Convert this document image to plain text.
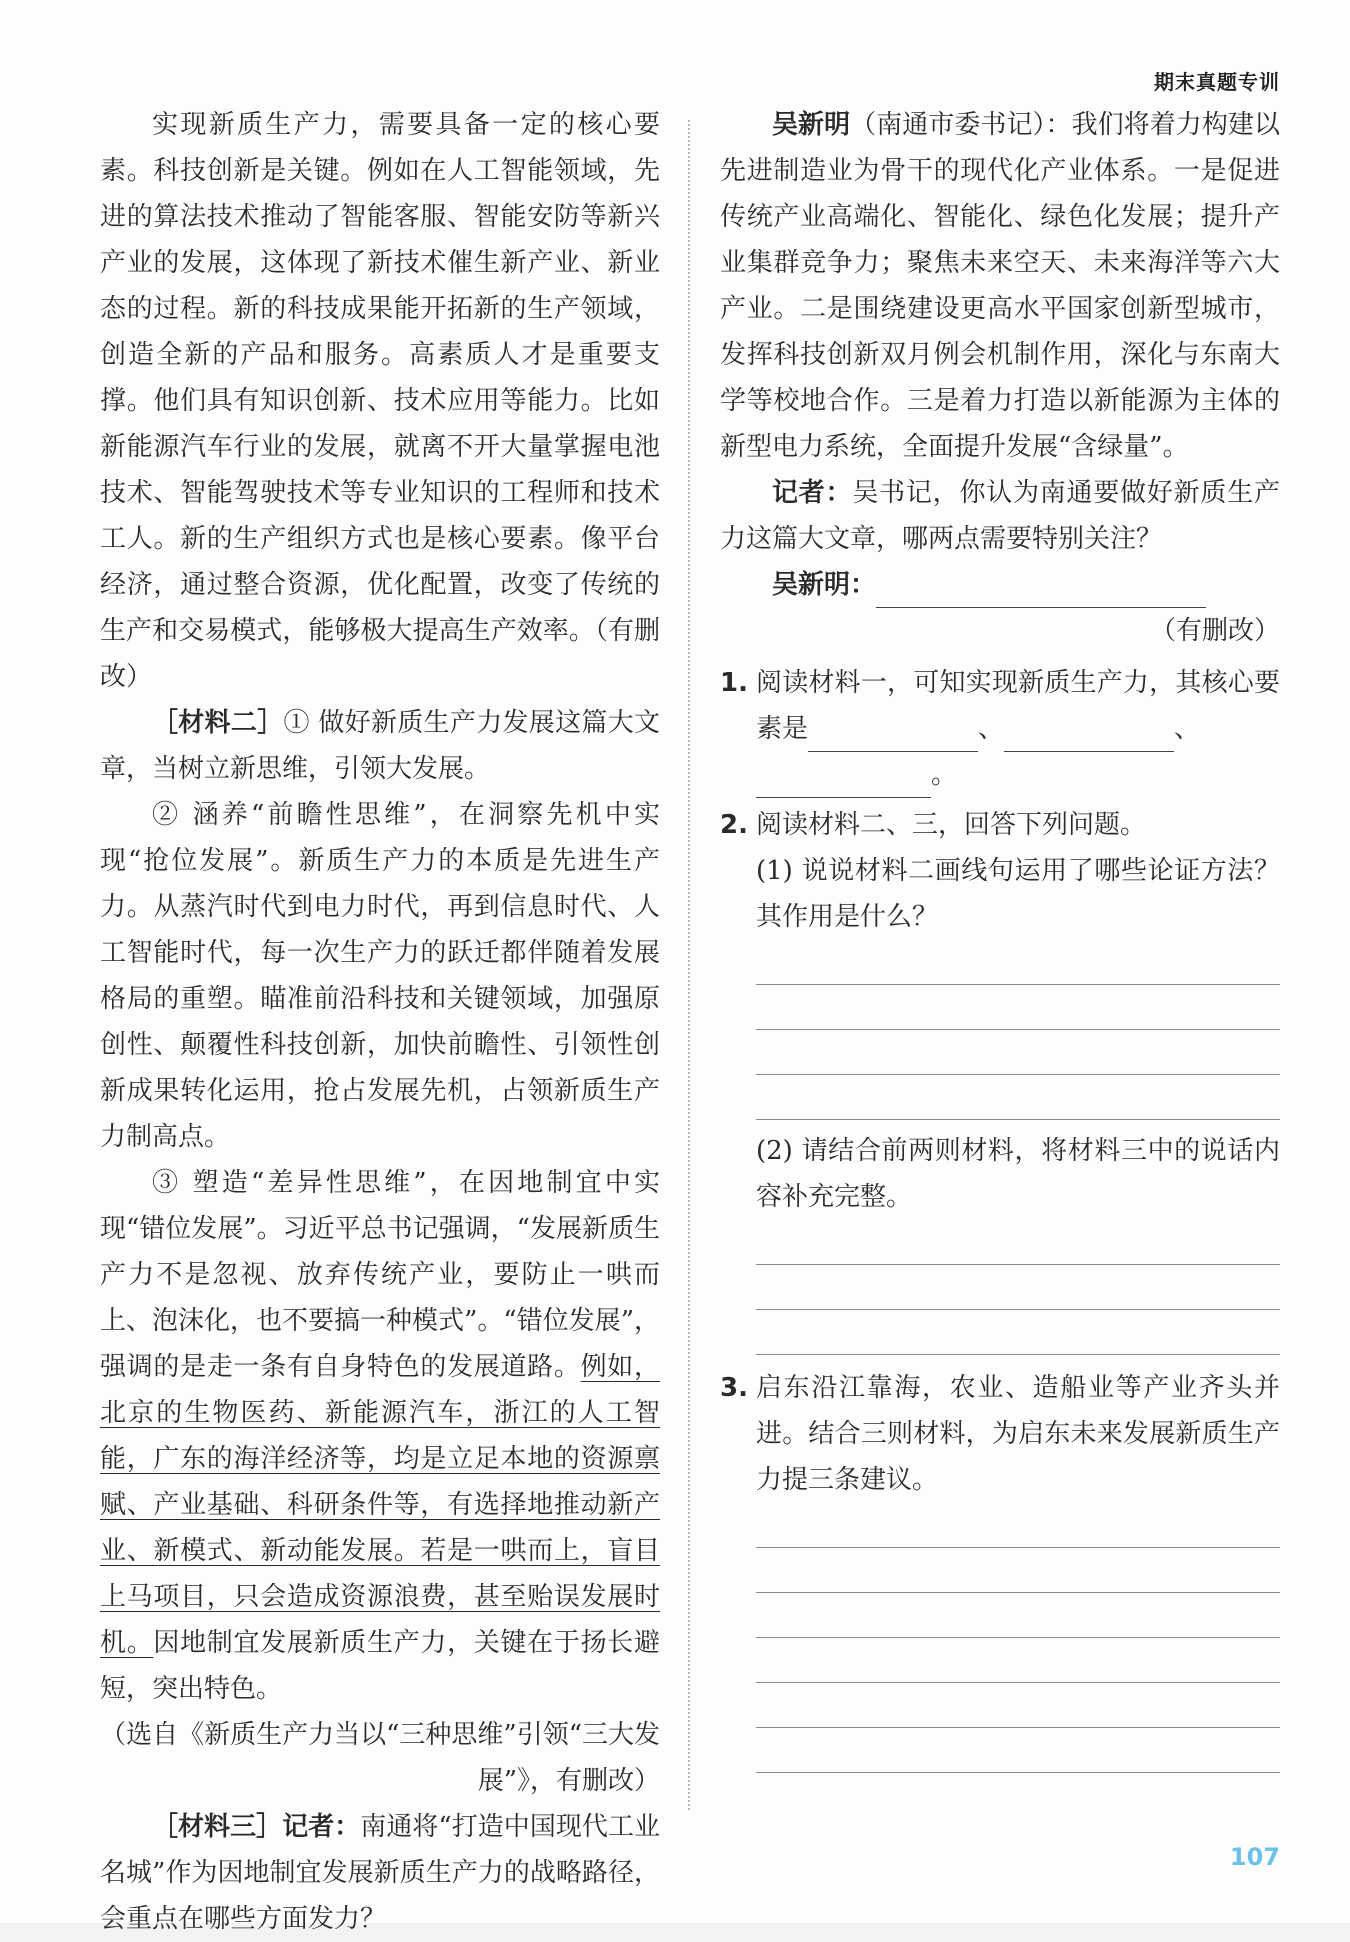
期末真题专训

实现新质生产力，需要具备一定的核心要素。科技创新是关键。例如在人工智能领域，先进的算法技术推动了智能客服、智能安防等新兴产业的发展，这体现了新技术催生新产业、新业态的过程。新的科技成果能开拓新的生产领域，创造全新的产品和服务。高素质人才是重要支撑。他们具有知识创新、技术应用等能力。比如新能源汽车行业的发展，就离不开大量掌握电池技术、智能驾驶技术等专业知识的工程师和技术工人。新的生产组织方式也是核心要素。像平台经济，通过整合资源，优化配置，改变了传统的生产和交易模式，能够极大提高生产效率。（有删改）

［材料二］① 做好新质生产力发展这篇大文章，当树立新思维，引领大发展。

② 涵养“前瞻性思维”，在洞察先机中实现“抢位发展”。新质生产力的本质是先进生产力。从蒸汽时代到电力时代，再到信息时代、人工智能时代，每一次生产力的跃迁都伴随着发展格局的重塑。瞄准前沿科技和关键领域，加强原创性、颠覆性科技创新，加快前瞻性、引领性创新成果转化运用，抢占发展先机，占领新质生产力制高点。

③ 塑造“差异性思维”，在因地制宜中实现“错位发展”。习近平总书记强调，“发展新质生产力不是忽视、放弃传统产业，要防止一哄而上、泡沫化，也不要搞一种模式”。“错位发展”，强调的是走一条有自身特色的发展道路。例如，北京的生物医药、新能源汽车，浙江的人工智能，广东的海洋经济等，均是立足本地的资源禀赋、产业基础、科研条件等，有选择地推动新产业、新模式、新动能发展。若是一哄而上，盲目上马项目，只会造成资源浪费，甚至贻误发展时机。因地制宜发展新质生产力，关键在于扬长避短，突出特色。

（选自《新质生产力当以“三种思维”引领“三大发展”》，有删改）

［材料三］记者：南通将“打造中国现代工业名城”作为因地制宜发展新质生产力的战略路径，会重点在哪些方面发力？

吴新明（南通市委书记）：我们将着力构建以先进制造业为骨干的现代化产业体系。一是促进传统产业高端化、智能化、绿色化发展；提升产业集群竞争力；聚焦未来空天、未来海洋等六大产业。二是围绕建设更高水平国家创新型城市，发挥科技创新双月例会机制作用，深化与东南大学等校地合作。三是着力打造以新能源为主体的新型电力系统，全面提升发展“含绿量”。

记者：吴书记，你认为南通要做好新质生产力这篇大文章，哪两点需要特别关注？

吴新明：

（有删改）

1. 阅读材料一，可知实现新质生产力，其核心要素是	、	、
。
2. 阅读材料二、三，回答下列问题。
(1) 说说材料二画线句运用了哪些论证方法？其作用是什么？
(2) 请结合前两则材料，将材料三中的说话内容补充完整。
3. 启东沿江靠海，农业、造船业等产业齐头并进。结合三则材料，为启东未来发展新质生产力提三条建议。
107
